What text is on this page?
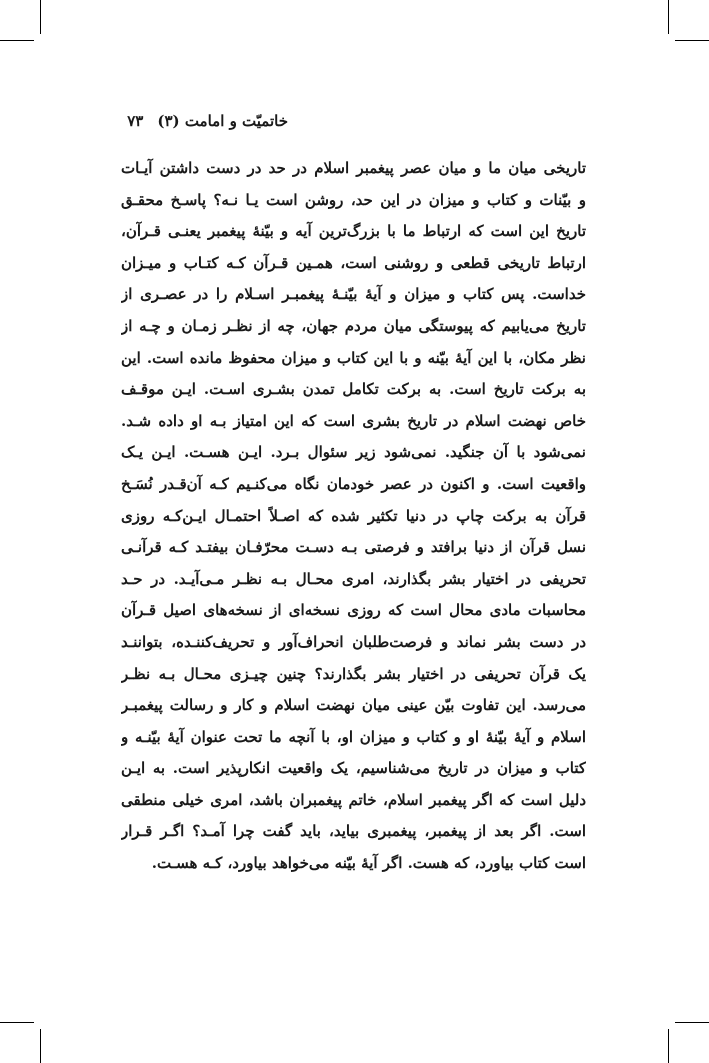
خاتمیّت و امامت (۳)
۷۳
تاریخی میان ما و میان عصر پیغمبر اسلام در حد در دست داشتن آیـات
و بیّنات و کتاب و میزان در این حد، روشن است یـا نـه؟ پاسـخ محقـق
تاریخ این است که ارتباط ما با بزرگ‌ترین آیه و بیّنهٔ پیغمبر یعنـی قـرآن،
ارتباط تاریخی قطعی و روشنی است، همـین قـرآن کـه کتـاب و میـزان
خداست. پس کتاب و میزان و آیهٔ بیّنـهٔ پیغمبـر اسـلام را در عصـری از
تاریخ می‌یابیم که پیوستگی میان مردم جهان، چه از نظـر زمـان و چـه از
نظر مکان، با این آیهٔ بیّنه و با این کتاب و میزان محفوظ مانده است. این
به برکت تاریخ است. به برکت تکامل تمدن بشـری اسـت. ایـن موقـف
خاص نهضت اسلام در تاریخ بشری است که این امتیاز بـه او داده شـد.
نمی‌شود با آن جنگید. نمی‌شود زیر سئوال بـرد. ایـن هسـت. ایـن یـک
واقعیت است. و اکنون در عصر خودمان نگاه می‌کنـیم کـه آن‌قـدر نُسَـخ
قرآن به برکت چاپ در دنیا تکثیر شده که اصـلاً احتمـال ایـن‌کـه روزی
نسل قرآن از دنیا برافتد و فرصتی بـه دسـت محرّفـان بیفتـد کـه قرآنـی
تحریفی در اختیار بشر بگذارند، امری محـال بـه نظـر مـی‌آیـد. در حـد
محاسبات مادی محال است که روزی نسخه‌ای از نسخه‌های اصیل قـرآن
در دست بشر نماند و فرصت‌طلبان انحراف‌آور و تحریف‌کننـده، بتواننـد
یک قرآن تحریفی در اختیار بشر بگذارند؟ چنین چیـزی محـال بـه نظـر
می‌رسد. این تفاوت بیّن عینی میان نهضت اسلام و کار و رسالت پیغمبـر
اسلام و آیهٔ بیّنهٔ او و کتاب و میزان او، با آنچه ما تحت عنوان آیهٔ بیّنـه و
کتاب و میزان در تاریخ می‌شناسیم، یک واقعیت انکارپذیر است. به ایـن
دلیل است که اگر پیغمبر اسلام، خاتم پیغمبران باشد، امری خیلی منطقی
است. اگر بعد از پیغمبر، پیغمبری بیاید، باید گفت چرا آمـد؟ اگـر قـرار
است کتاب بیاورد، که هست. اگر آیهٔ بیّنه می‌خواهد بیاورد، کـه هسـت.
